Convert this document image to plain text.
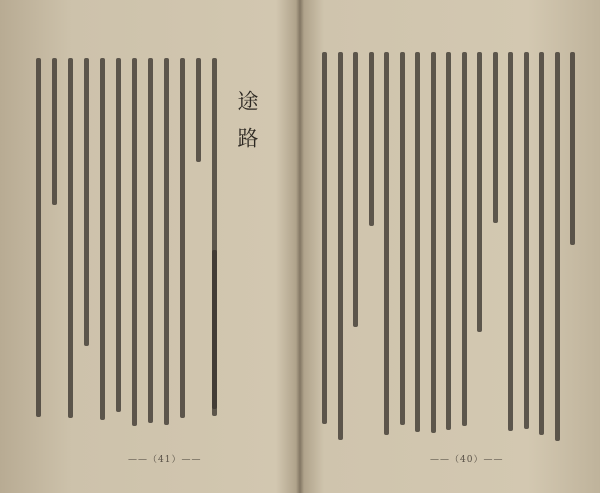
途路
——（41）——	——（40）——
